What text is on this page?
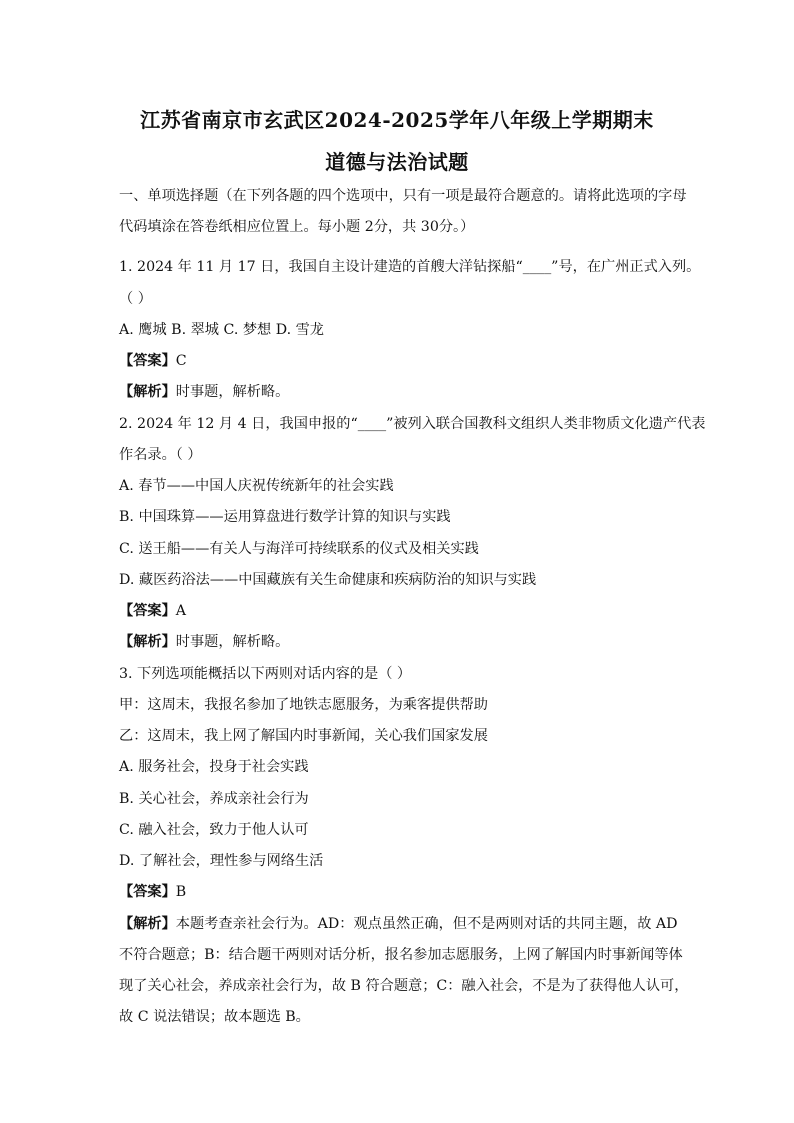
江苏省南京市玄武区2024-2025学年八年级上学期期末
道德与法治试题
一、单项选择题（在下列各题的四个选项中，只有一项是最符合题意的。请将此选项的字母
代码填涂在答卷纸相应位置上。每小题 2分，共 30分。）
1. 2024 年 11 月 17 日，我国自主设计建造的首艘大洋钻探船“____”号，在广州正式入列。
（ ）
A. 鹰城 B. 翠城 C. 梦想 D. 雪龙
【答案】C
【解析】时事题，解析略。
2. 2024 年 12 月 4 日，我国申报的“____”被列入联合国教科文组织人类非物质文化遗产代表
作名录。（ ）
A. 春节——中国人庆祝传统新年的社会实践
B. 中国珠算——运用算盘进行数学计算的知识与实践
C. 送王船——有关人与海洋可持续联系的仪式及相关实践
D. 藏医药浴法——中国藏族有关生命健康和疾病防治的知识与实践
【答案】A
【解析】时事题，解析略。
3. 下列选项能概括以下两则对话内容的是（ ）
甲：这周末，我报名参加了地铁志愿服务，为乘客提供帮助
乙：这周末，我上网了解国内时事新闻，关心我们国家发展
A. 服务社会，投身于社会实践
B. 关心社会，养成亲社会行为
C. 融入社会，致力于他人认可
D. 了解社会，理性参与网络生活
【答案】B
【解析】本题考查亲社会行为。AD：观点虽然正确，但不是两则对话的共同主题，故 AD
不符合题意；B：结合题干两则对话分析，报名参加志愿服务，上网了解国内时事新闻等体
现了关心社会，养成亲社会行为，故 B 符合题意；C：融入社会，不是为了获得他人认可，
故 C 说法错误；故本题选 B。
